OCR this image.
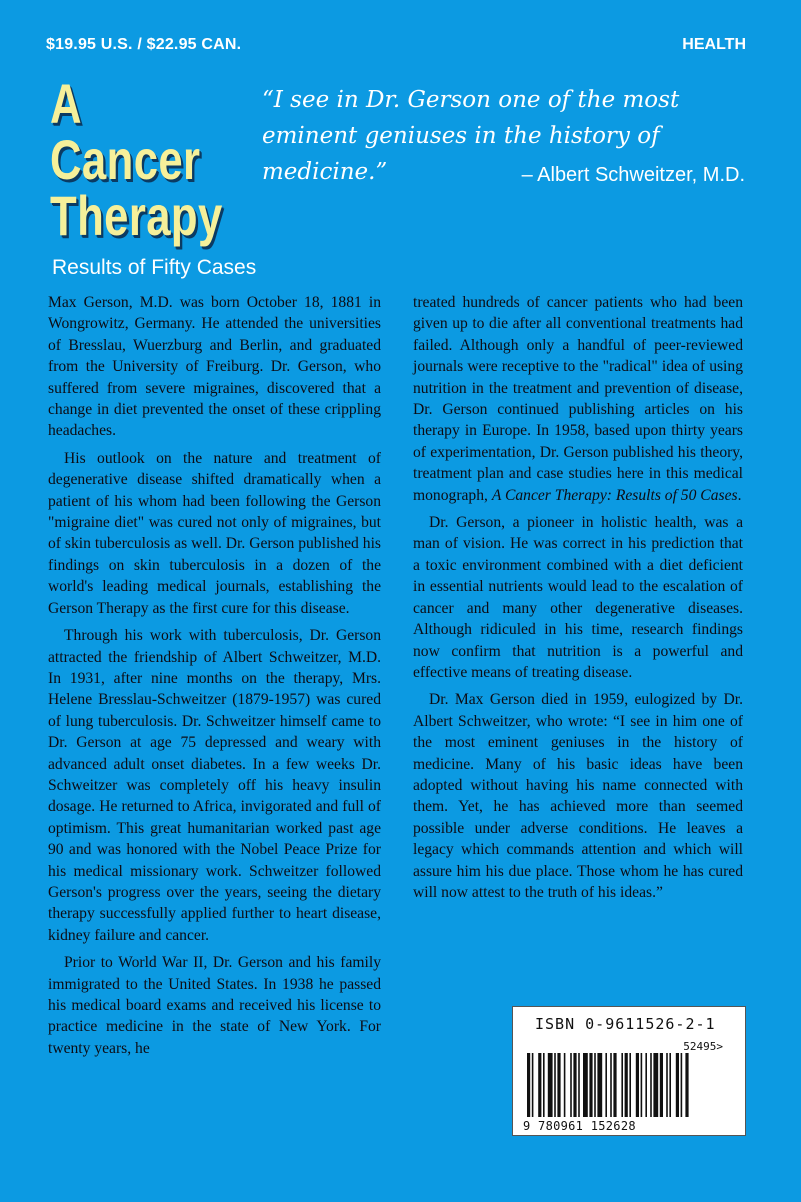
$19.95 U.S. / $22.95 CAN.	HEALTH
A
Cancer
Therapy
Results of Fifty Cases
“I see in Dr. Gerson one of the most eminent geniuses in the history of medicine.”	– Albert Schweitzer, M.D.

Max Gerson, M.D. was born October 18, 1881 in Wongrowitz, Germany. He attended the universities of Bresslau, Wuerzburg and Berlin, and graduated from the University of Freiburg. Dr. Gerson, who suffered from severe migraines, discovered that a change in diet prevented the onset of these crippling headaches.

His outlook on the nature and treatment of degenerative disease shifted dramatically when a patient of his whom had been following the Gerson "migraine diet" was cured not only of migraines, but of skin tuberculosis as well. Dr. Gerson published his findings on skin tuberculosis in a dozen of the world's leading medical journals, establishing the Gerson Therapy as the first cure for this disease.

Through his work with tuberculosis, Dr. Gerson attracted the friendship of Albert Schweitzer, M.D. In 1931, after nine months on the therapy, Mrs. Helene Bresslau-Schweitzer (1879-1957) was cured of lung tuberculosis. Dr. Schweitzer himself came to Dr. Gerson at age 75 depressed and weary with advanced adult onset diabetes. In a few weeks Dr. Schweitzer was completely off his heavy insulin dosage. He returned to Africa, invigorated and full of optimism. This great humanitarian worked past age 90 and was honored with the Nobel Peace Prize for his medical missionary work. Schweitzer followed Gerson's progress over the years, seeing the dietary therapy successfully applied further to heart disease, kidney failure and cancer.

Prior to World War II, Dr. Gerson and his family immigrated to the United States. In 1938 he passed his medical board exams and received his license to practice medicine in the state of New York. For twenty years, he

treated hundreds of cancer patients who had been given up to die after all conventional treatments had failed. Although only a handful of peer-reviewed journals were receptive to the "radical" idea of using nutrition in the treatment and prevention of disease, Dr. Gerson continued publishing articles on his therapy in Europe. In 1958, based upon thirty years of experimentation, Dr. Gerson published his theory, treatment plan and case studies here in this medical monograph, A Cancer Therapy: Results of 50 Cases.

Dr. Gerson, a pioneer in holistic health, was a man of vision. He was correct in his prediction that a toxic environment combined with a diet deficient in essential nutrients would lead to the escalation of cancer and many other degenerative diseases. Although ridiculed in his time, research findings now confirm that nutrition is a powerful and effective means of treating disease.

Dr. Max Gerson died in 1959, eulogized by Dr. Albert Schweitzer, who wrote: “I see in him one of the most eminent geniuses in the history of medicine. Many of his basic ideas have been adopted without having his name connected with them. Yet, he has achieved more than seemed possible under adverse conditions. He leaves a legacy which commands attention and which will assure him his due place. Those whom he has cured will now attest to the truth of his ideas.”

ISBN 0-9611526-2-1
52495>
9 780961 152628
